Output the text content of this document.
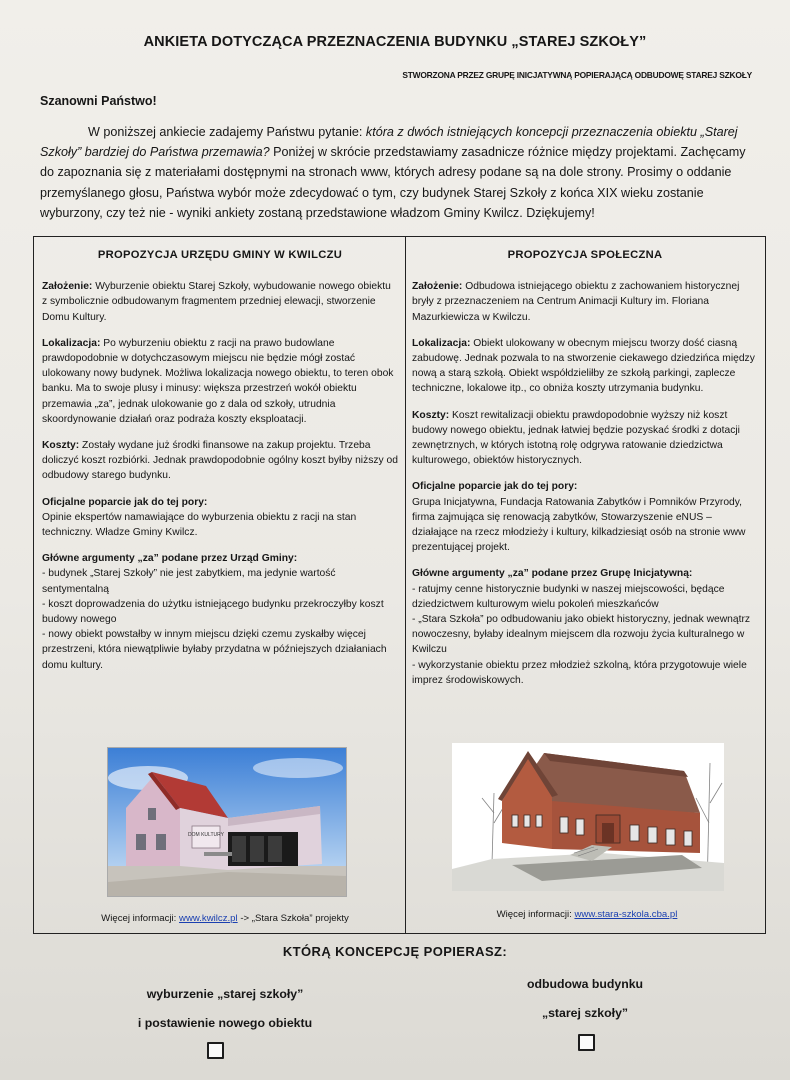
ANKIETA DOTYCZĄCA PRZEZNACZENIA BUDYNKU „STAREJ SZKOŁY”
STWORZONA PRZEZ GRUPĘ INICJATYWNĄ POPIERAJĄCĄ ODBUDOWĘ STAREJ SZKOŁY
Szanowni Państwo!
W poniższej ankiecie zadajemy Państwu pytanie: która z dwóch istniejących koncepcji przeznaczenia obiektu „Starej Szkoły” bardziej do Państwa przemawia? Poniżej w skrócie przedstawiamy zasadnicze różnice między projektami. Zachęcamy do zapoznania się z materiałami dostępnymi na stronach www, których adresy podane są na dole strony. Prosimy o oddanie przemyślanego głosu, Państwa wybór może zdecydować o tym, czy budynek Starej Szkoły z końca XIX wieku zostanie wyburzony, czy też nie - wyniki ankiety zostaną przedstawione władzom Gminy Kwilcz. Dziękujemy!
PROPOZYCJA URZĘDU GMINY W KWILCZU
Założenie: Wyburzenie obiektu Starej Szkoły, wybudowanie nowego obiektu z symbolicznie odbudowanym fragmentem przedniej elewacji, stworzenie Domu Kultury.
Lokalizacja: Po wyburzeniu obiektu z racji na prawo budowlane prawdopodobnie w dotychczasowym miejscu nie będzie mógł zostać ulokowany nowy budynek. Możliwa lokalizacja nowego obiektu, to teren obok banku. Ma to swoje plusy i minusy: większa przestrzeń wokół obiektu przemawia „za”, jednak ulokowanie go z dala od szkoły, utrudnia skoordynowanie działań oraz podraża koszty eksploatacji.
Koszty: Zostały wydane już środki finansowe na zakup projektu. Trzeba doliczyć koszt rozbiórki. Jednak prawdopodobnie ogólny koszt byłby niższy od odbudowy starego budynku.
Oficjalne poparcie jak do tej pory:
Opinie ekspertów namawiające do wyburzenia obiektu z racji na stan techniczny. Władze Gminy Kwilcz.
Główne argumenty „za” podane przez Urząd Gminy:
- budynek „Starej Szkoły” nie jest zabytkiem, ma jedynie wartość sentymentalną
- koszt doprowadzenia do użytku istniejącego budynku przekroczyłby koszt budowy nowego
- nowy obiekt powstałby w innym miejscu dzięki czemu zyskałby więcej przestrzeni, która niewątpliwie byłaby przydatna w późniejszych działaniach domu kultury.
PROPOZYCJA SPOŁECZNA
Założenie: Odbudowa istniejącego obiektu z zachowaniem historycznej bryły z przeznaczeniem na Centrum Animacji Kultury im. Floriana Mazurkiewicza w Kwilczu.
Lokalizacja: Obiekt ulokowany w obecnym miejscu tworzy dość ciasną zabudowę. Jednak pozwala to na stworzenie ciekawego dziedzińca między nową a starą szkołą. Obiekt współdzieliłby ze szkołą parkingi, zaplecze techniczne, lokalowe itp., co obniża koszty utrzymania budynku.
Koszty: Koszt rewitalizacji obiektu prawdopodobnie wyższy niż koszt budowy nowego obiektu, jednak łatwiej będzie pozyskać środki z dotacji zewnętrznych, w których istotną rolę odgrywa ratowanie dziedzictwa kulturowego, obiektów historycznych.
Oficjalne poparcie jak do tej pory:
Grupa Inicjatywna, Fundacja Ratowania Zabytków i Pomników Przyrody, firma zajmująca się renowacją zabytków, Stowarzyszenie eNUS – działające na rzecz młodzieży i kultury, kilkadziesiąt osób na stronie www prezentującej projekt.
Główne argumenty „za” podane przez Grupę Inicjatywną:
- ratujmy cenne historycznie budynki w naszej miejscowości, będące dziedzictwem kulturowym wielu pokoleń mieszkańców
- „Stara Szkoła” po odbudowaniu jako obiekt historyczny, jednak wewnątrz nowoczesny, byłaby idealnym miejscem dla rozwoju życia kulturalnego w Kwilczu
- wykorzystanie obiektu przez młodzież szkolną, która przygotowuje wiele imprez środowiskowych.
DOM KULTURY
Więcej informacji: www.kwilcz.pl -> „Stara Szkoła” projekty	Więcej informacji: www.stara-szkola.cba.pl
KTÓRĄ KONCEPCJĘ POPIERASZ:
wyburzenie „starej szkoły”
i postawienie nowego obiektu
odbudowa budynku
„starej szkoły”
